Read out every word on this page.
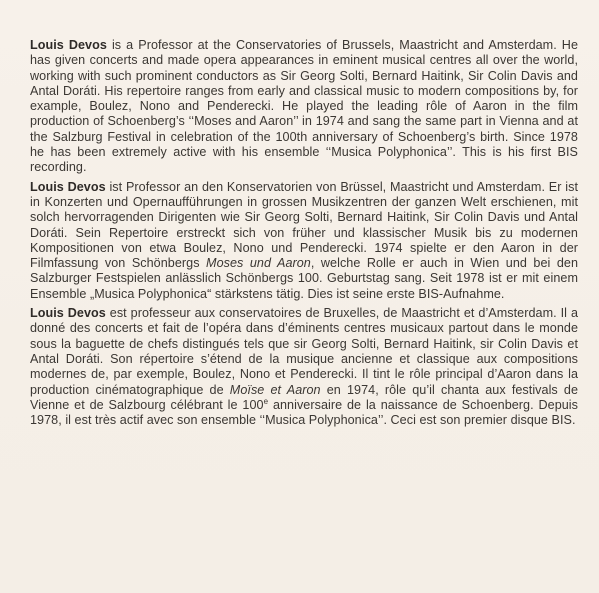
Louis Devos is a Professor at the Conservatories of Brussels, Maastricht and Amsterdam. He has given concerts and made opera appearances in eminent musical centres all over the world, working with such prominent conductors as Sir Georg Solti, Bernard Haitink, Sir Colin Davis and Antal Doráti. His repertoire ranges from early and classical music to modern compositions by, for example, Boulez, Nono and Penderecki. He played the leading rôle of Aaron in the film production of Schoenberg’s ‘‘Moses and Aaron’’ in 1974 and sang the same part in Vienna and at the Salzburg Festival in celebration of the 100th anniversary of Schoenberg’s birth. Since 1978 he has been extremely active with his ensemble ‘‘Musica Polyphonica’’. This is his first BIS recording.

Louis Devos ist Professor an den Konservatorien von Brüssel, Maastricht und Amsterdam. Er ist in Konzerten und Opernaufführungen in grossen Musikzentren der ganzen Welt erschienen, mit solch hervorragenden Dirigenten wie Sir Georg Solti, Bernard Haitink, Sir Colin Davis und Antal Doráti. Sein Repertoire erstreckt sich von früher und klassischer Musik bis zu modernen Kompositionen von etwa Boulez, Nono und Penderecki. 1974 spielte er den Aaron in der Filmfassung von Schönbergs Moses und Aaron, welche Rolle er auch in Wien und bei den Salzburger Festspielen anlässlich Schönbergs 100. Geburtstag sang. Seit 1978 ist er mit einem Ensemble „Musica Polyphonica“ stärkstens tätig. Dies ist seine erste BIS-Aufnahme.

Louis Devos est professeur aux conservatoires de Bruxelles, de Maastricht et d’Amsterdam. Il a donné des concerts et fait de l’opéra dans d’éminents centres musicaux partout dans le monde sous la baguette de chefs distingués tels que sir Georg Solti, Bernard Haitink, sir Colin Davis et Antal Doráti. Son répertoire s’étend de la musique ancienne et classique aux compositions modernes de, par exemple, Boulez, Nono et Penderecki. Il tint le rôle principal d’Aaron dans la production cinématographique de Moïse et Aaron en 1974, rôle qu’il chanta aux festivals de Vienne et de Salzbourg célébrant le 100e anniversaire de la naissance de Schoenberg. Depuis 1978, il est très actif avec son ensemble ‘‘Musica Polyphonica’’. Ceci est son premier disque BIS.
